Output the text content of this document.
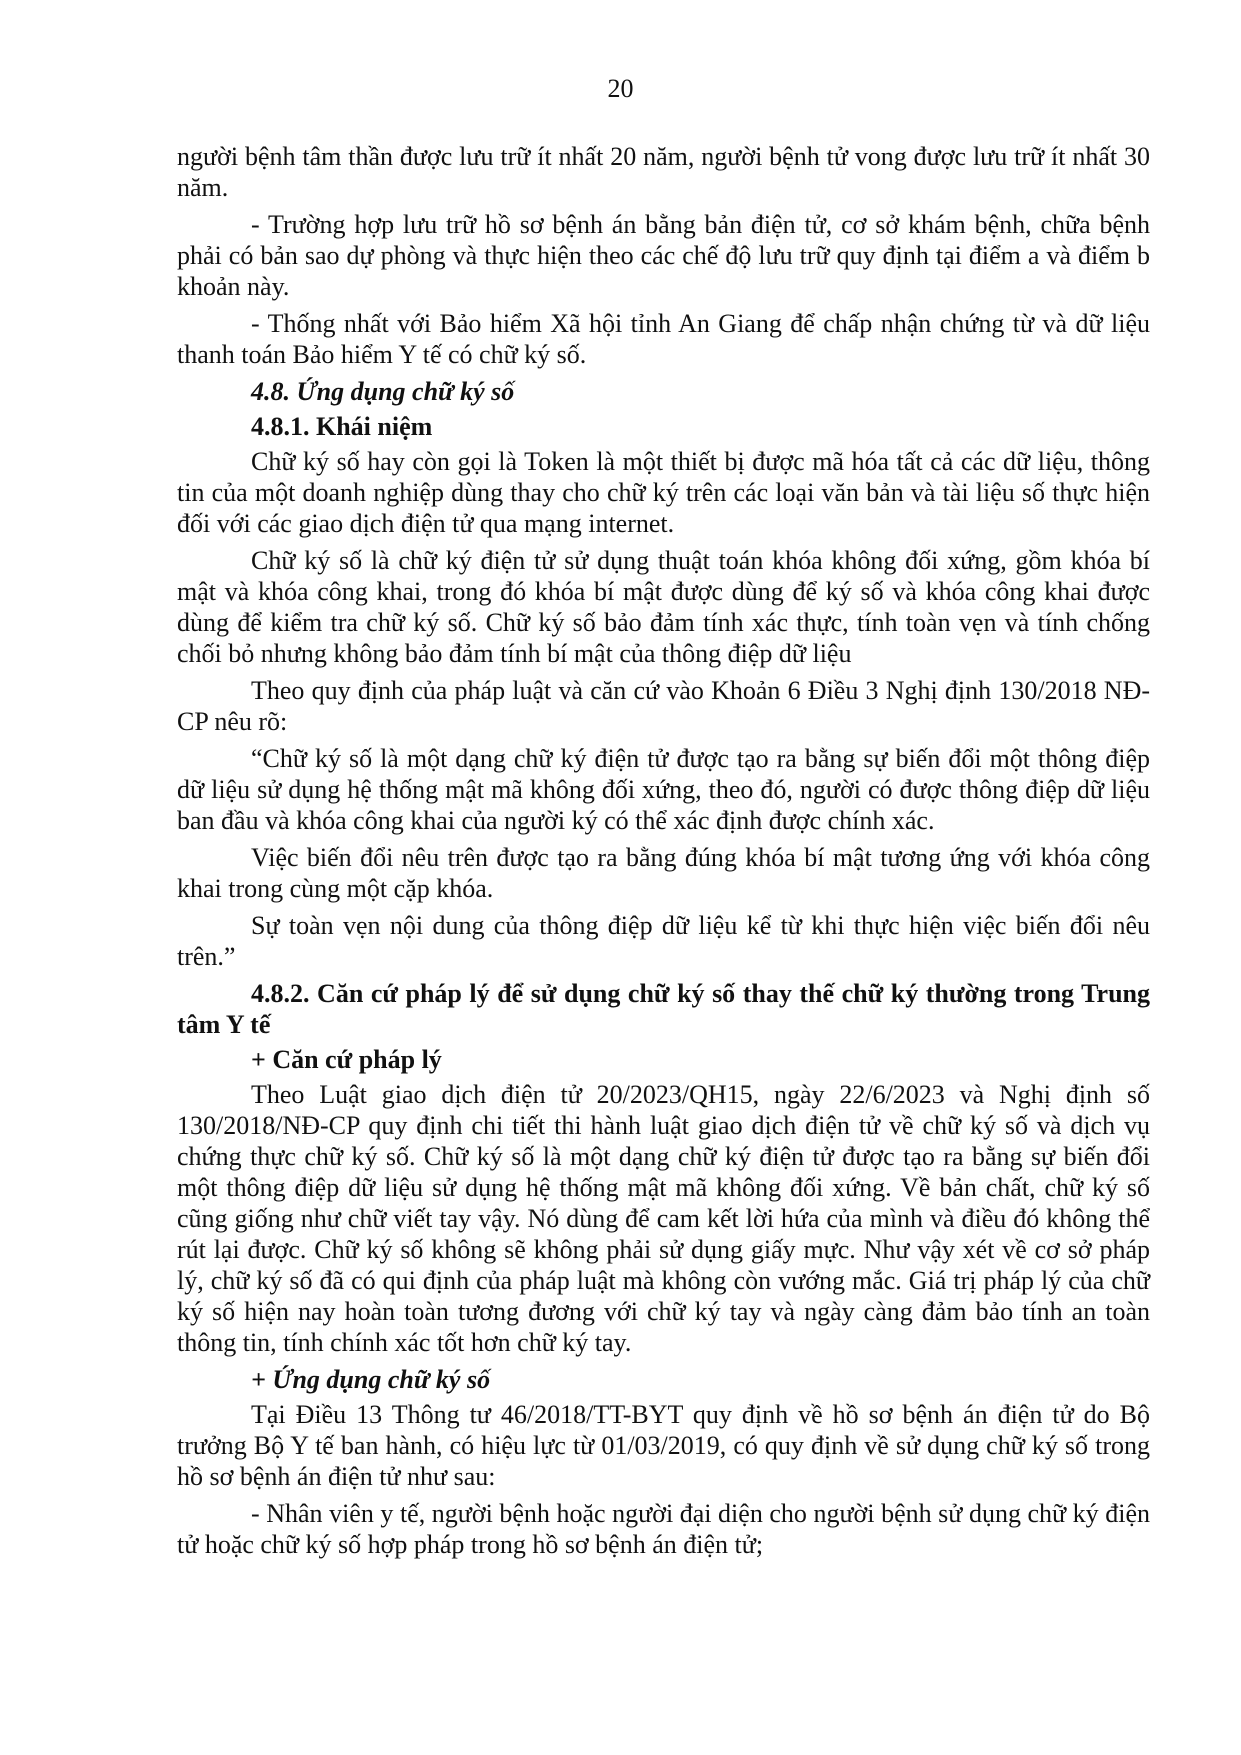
20

người bệnh tâm thần được lưu trữ ít nhất 20 năm, người bệnh tử vong được lưu trữ ít nhất 30 năm.

- Trường hợp lưu trữ hồ sơ bệnh án bằng bản điện tử, cơ sở khám bệnh, chữa bệnh phải có bản sao dự phòng và thực hiện theo các chế độ lưu trữ quy định tại điểm a và điểm b khoản này.

- Thống nhất với Bảo hiểm Xã hội tỉnh An Giang để chấp nhận chứng từ và dữ liệu thanh toán Bảo hiểm Y tế có chữ ký số.

4.8. Ứng dụng chữ ký số

4.8.1. Khái niệm

Chữ ký số hay còn gọi là Token là một thiết bị được mã hóa tất cả các dữ liệu, thông tin của một doanh nghiệp dùng thay cho chữ ký trên các loại văn bản và tài liệu số thực hiện đối với các giao dịch điện tử qua mạng internet.

Chữ ký số là chữ ký điện tử sử dụng thuật toán khóa không đối xứng, gồm khóa bí mật và khóa công khai, trong đó khóa bí mật được dùng để ký số và khóa công khai được dùng để kiểm tra chữ ký số. Chữ ký số bảo đảm tính xác thực, tính toàn vẹn và tính chống chối bỏ nhưng không bảo đảm tính bí mật của thông điệp dữ liệu

Theo quy định của pháp luật và căn cứ vào Khoản 6 Điều 3 Nghị định 130/2018 NĐ-CP nêu rõ:

“Chữ ký số là một dạng chữ ký điện tử được tạo ra bằng sự biến đổi một thông điệp dữ liệu sử dụng hệ thống mật mã không đối xứng, theo đó, người có được thông điệp dữ liệu ban đầu và khóa công khai của người ký có thể xác định được chính xác.

Việc biến đổi nêu trên được tạo ra bằng đúng khóa bí mật tương ứng với khóa công khai trong cùng một cặp khóa.

Sự toàn vẹn nội dung của thông điệp dữ liệu kể từ khi thực hiện việc biến đổi nêu trên.”

4.8.2. Căn cứ pháp lý để sử dụng chữ ký số thay thế chữ ký thường trong Trung tâm Y tế

+ Căn cứ pháp lý

Theo Luật giao dịch điện tử 20/2023/QH15, ngày 22/6/2023 và Nghị định số 130/2018/NĐ-CP quy định chi tiết thi hành luật giao dịch điện tử về chữ ký số và dịch vụ chứng thực chữ ký số. Chữ ký số là một dạng chữ ký điện tử được tạo ra bằng sự biến đổi một thông điệp dữ liệu sử dụng hệ thống mật mã không đối xứng. Về bản chất, chữ ký số cũng giống như chữ viết tay vậy. Nó dùng để cam kết lời hứa của mình và điều đó không thể rút lại được. Chữ ký số không sẽ không phải sử dụng giấy mực. Như vậy xét về cơ sở pháp lý, chữ ký số đã có qui định của pháp luật mà không còn vướng mắc. Giá trị pháp lý của chữ ký số hiện nay hoàn toàn tương đương với chữ ký tay và ngày càng đảm bảo tính an toàn thông tin, tính chính xác tốt hơn chữ ký tay.

+ Ứng dụng chữ ký số

Tại Điều 13 Thông tư 46/2018/TT-BYT quy định về hồ sơ bệnh án điện tử do Bộ trưởng Bộ Y tế ban hành, có hiệu lực từ 01/03/2019, có quy định về sử dụng chữ ký số trong hồ sơ bệnh án điện tử như sau:

- Nhân viên y tế, người bệnh hoặc người đại diện cho người bệnh sử dụng chữ ký điện tử hoặc chữ ký số hợp pháp trong hồ sơ bệnh án điện tử;
